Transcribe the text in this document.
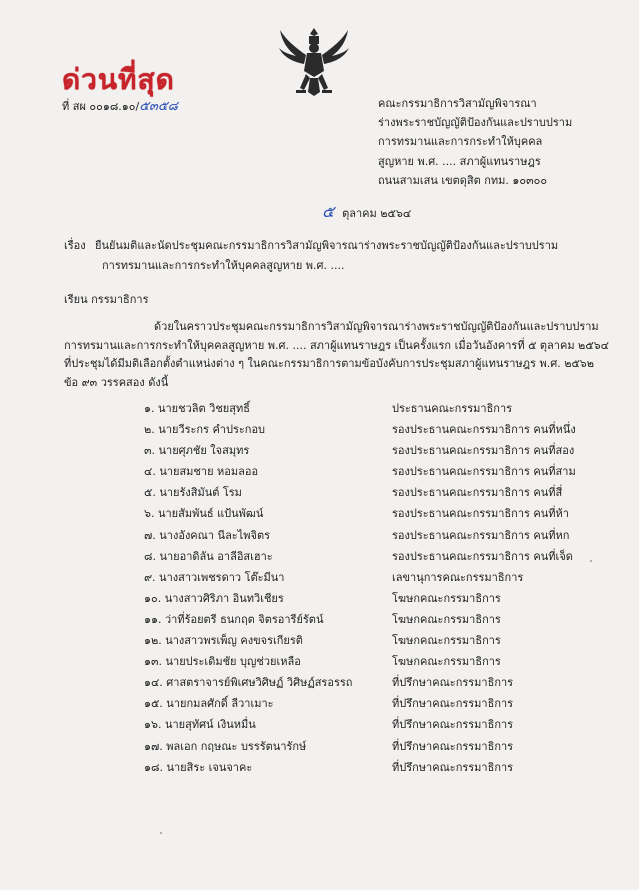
ด่วนที่สุด
ที่ สผ ๐๐๑๘.๑๐/๕๓๕๘	คณะกรรมาธิการวิสามัญพิจารณา
ร่างพระราชบัญญัติป้องกันและปราบปราม
การทรมานและการกระทำให้บุคคล
สูญหาย พ.ศ. .... สภาผู้แทนราษฎร
ถนนสามเสน เขตดุสิต กทม. ๑๐๓๐๐
๕ ตุลาคม ๒๕๖๔
เรื่อง ยืนยันมติและนัดประชุมคณะกรรมาธิการวิสามัญพิจารณาร่างพระราชบัญญัติป้องกันและปราบปราม
การทรมานและการกระทำให้บุคคลสูญหาย พ.ศ. ....
เรียน กรรมาธิการ
ด้วยในคราวประชุมคณะกรรมาธิการวิสามัญพิจารณาร่างพระราชบัญญัติป้องกันและปราบปราม
การทรมานและการกระทำให้บุคคลสูญหาย พ.ศ. .... สภาผู้แทนราษฎร เป็นครั้งแรก เมื่อวันอังคารที่ ๕ ตุลาคม ๒๕๖๔
ที่ประชุมได้มีมติเลือกตั้งตำแหน่งต่าง ๆ ในคณะกรรมาธิการตามข้อบังคับการประชุมสภาผู้แทนราษฎร พ.ศ. ๒๕๖๒
ข้อ ๙๓ วรรคสอง ดังนี้
๑. นายชวลิต วิชยสุทธิ์	ประธานคณะกรรมาธิการ
๒. นายวีระกร คำประกอบ	รองประธานคณะกรรมาธิการ คนที่หนึ่ง
๓. นายศุภชัย ใจสมุทร	รองประธานคณะกรรมาธิการ คนที่สอง
๔. นายสมชาย หอมลออ	รองประธานคณะกรรมาธิการ คนที่สาม
๕. นายรังสิมันต์ โรม	รองประธานคณะกรรมาธิการ คนที่สี่
๖. นายสัมพันธ์ แป้นพัฒน์	รองประธานคณะกรรมาธิการ คนที่ห้า
๗. นางอังคณา นีละไพจิตร	รองประธานคณะกรรมาธิการ คนที่หก
๘. นายอาดิลัน อาลีอิสเฮาะ	รองประธานคณะกรรมาธิการ คนที่เจ็ด
๙. นางสาวเพชรดาว โต๊ะมีนา	เลขานุการคณะกรรมาธิการ
๑๐. นางสาวศิริภา อินทวิเชียร	โฆษกคณะกรรมาธิการ
๑๑. ว่าที่ร้อยตรี ธนกฤต จิตรอารีย์รัตน์	โฆษกคณะกรรมาธิการ
๑๒. นางสาวพรเพ็ญ คงขจรเกียรติ	โฆษกคณะกรรมาธิการ
๑๓. นายประเดิมชัย บุญช่วยเหลือ	โฆษกคณะกรรมาธิการ
๑๔. ศาสตราจารย์พิเศษวิศิษฏ์ วิศิษฏ์สรอรรถ	ที่ปรึกษาคณะกรรมาธิการ
๑๕. นายกมลศักดิ์ ลีวาเมาะ	ที่ปรึกษาคณะกรรมาธิการ
๑๖. นายสุทัศน์ เงินหมื่น	ที่ปรึกษาคณะกรรมาธิการ
๑๗. พลเอก กฤษณะ บรรรัตนารักษ์	ที่ปรึกษาคณะกรรมาธิการ
๑๘. นายสิระ เจนจาคะ	ที่ปรึกษาคณะกรรมาธิการ
